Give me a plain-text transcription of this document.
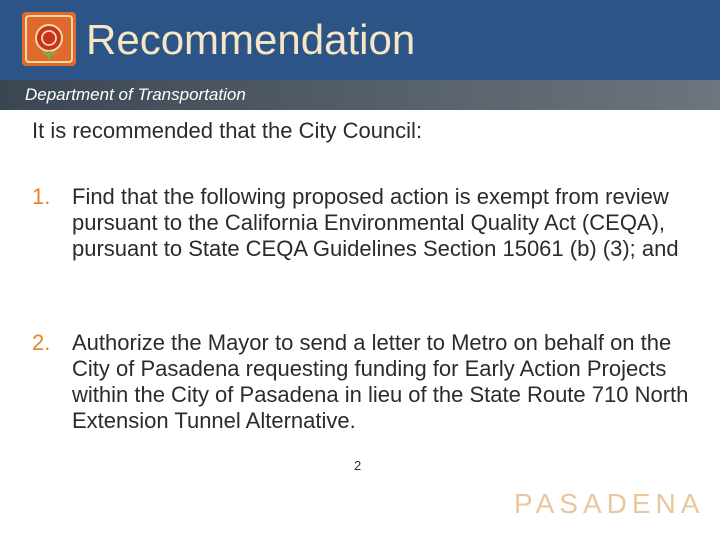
Recommendation
Department of Transportation
It is recommended that the City Council:
1. Find that the following proposed action is exempt from review pursuant to the California Environmental Quality Act (CEQA), pursuant to State CEQA Guidelines Section 15061 (b) (3); and
2. Authorize the Mayor to send a letter to Metro on behalf on the City of Pasadena requesting funding for Early Action Projects within the City of Pasadena in lieu of the State Route 710 North Extension Tunnel Alternative.
2
PASADENA
